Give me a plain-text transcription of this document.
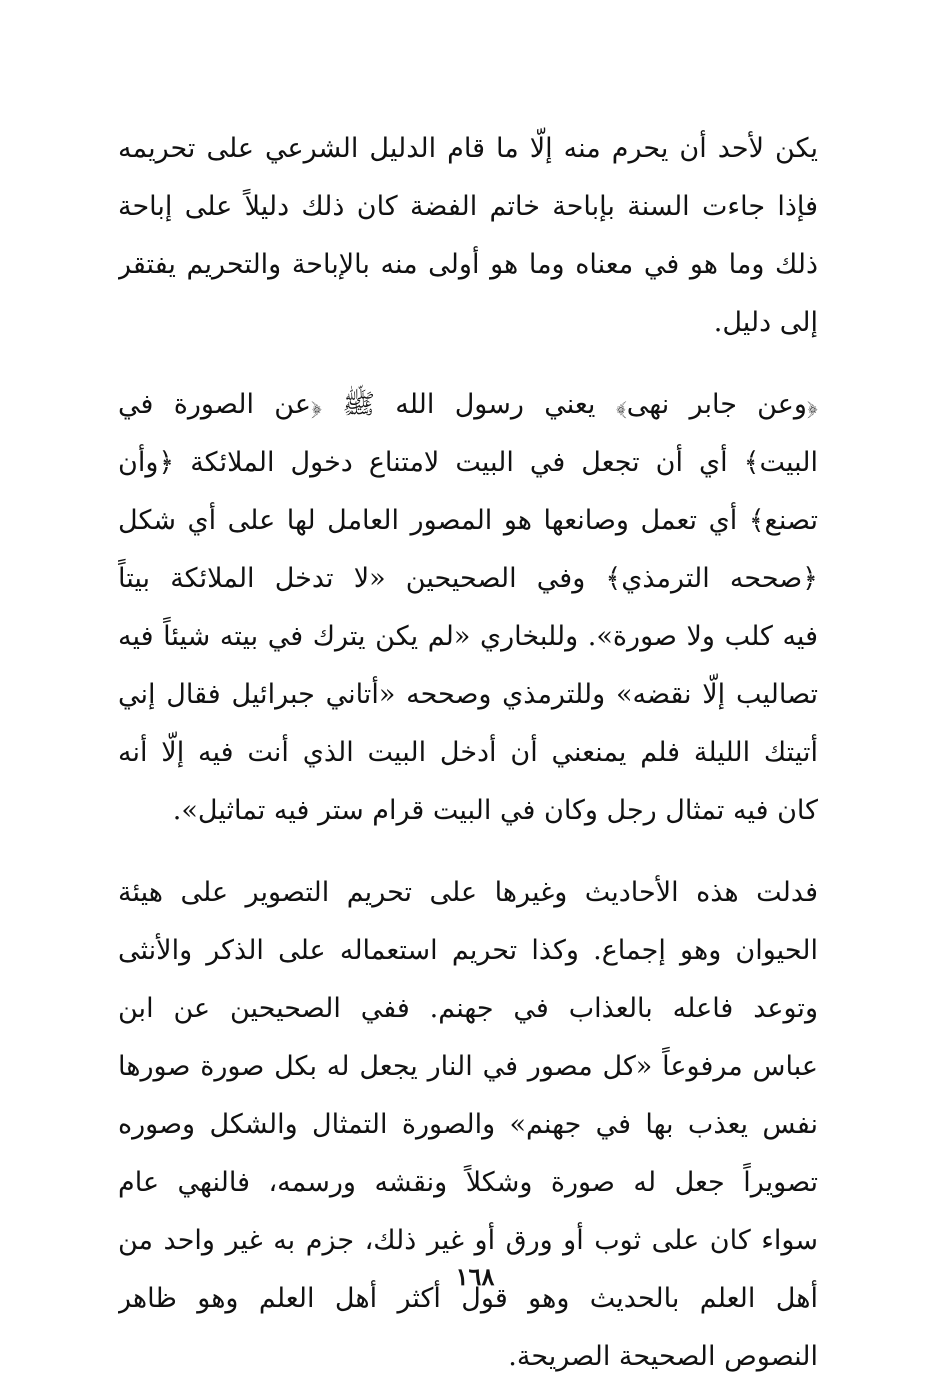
يكن لأحد أن يحرم منه إلّا ما قام الدليل الشرعي على تحريمه
فإذا جاءت السنة بإباحة خاتم الفضة كان ذلك دليلاً على إباحة
ذلك وما هو في معناه وما هو أولى منه بالإباحة والتحريم يفتقر
إلى دليل.
﴿وعن جابر نهى﴾ يعني رسول الله ﷺ ﴿عن الصورة في
البيت﴾ أي أن تجعل في البيت لامتناع دخول الملائكة ﴿وأن
تصنع﴾ أي تعمل وصانعها هو المصور العامل لها على أي شكل
﴿صححه الترمذي﴾ وفي الصحيحين «لا تدخل الملائكة بيتاً
فيه كلب ولا صورة». وللبخاري «لم يكن يترك في بيته شيئاً فيه
تصاليب إلّا نقضه» وللترمذي وصححه «أتاني جبرائيل فقال إني
أتيتك الليلة فلم يمنعني أن أدخل البيت الذي أنت فيه إلّا أنه
كان فيه تمثال رجل وكان في البيت قرام ستر فيه تماثيل».
فدلت هذه الأحاديث وغيرها على تحريم التصوير على هيئة
الحيوان وهو إجماع. وكذا تحريم استعماله على الذكر والأنثى
وتوعد فاعله بالعذاب في جهنم. ففي الصحيحين عن ابن
عباس مرفوعاً «كل مصور في النار يجعل له بكل صورة صورها
نفس يعذب بها في جهنم» والصورة التمثال والشكل وصوره
تصويراً جعل له صورة وشكلاً ونقشه ورسمه، فالنهي عام
سواء كان على ثوب أو ورق أو غير ذلك، جزم به غير واحد من
أهل العلم بالحديث وهو قول أكثر أهل العلم وهو ظاهر
النصوص الصحيحة الصريحة.
١٦٨
